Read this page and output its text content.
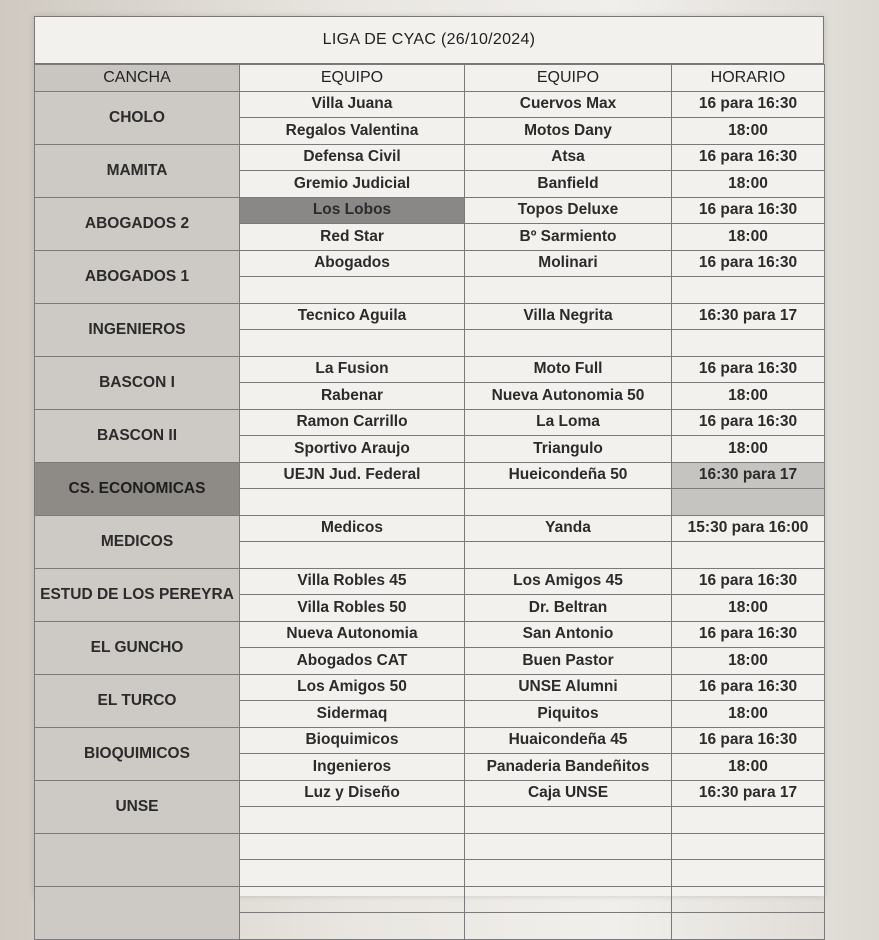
LIGA DE CYAC (26/10/2024)
CANCHA	EQUIPO	EQUIPO	HORARIO
CHOLO	Villa Juana	Cuervos Max	16 para 16:30
	Regalos Valentina	Motos Dany	18:00
MAMITA	Defensa Civil	Atsa	16 para 16:30
	Gremio Judicial	Banfield	18:00
ABOGADOS 2	Los Lobos	Topos Deluxe	16 para 16:30
	Red Star	Bº Sarmiento	18:00
ABOGADOS 1	Abogados	Molinari	16 para 16:30

INGENIEROS	Tecnico Aguila	Villa Negrita	16:30 para 17

BASCON I	La Fusion	Moto Full	16 para 16:30
	Rabenar	Nueva Autonomia 50	18:00
BASCON II	Ramon Carrillo	La Loma	16 para 16:30
	Sportivo Araujo	Triangulo	18:00
CS. ECONOMICAS	UEJN Jud. Federal	Hueicondeña 50	16:30 para 17

MEDICOS	Medicos	Yanda	15:30 para 16:00

ESTUD DE LOS PEREYRA	Villa Robles 45	Los Amigos 45	16 para 16:30
	Villa Robles 50	Dr. Beltran	18:00
EL GUNCHO	Nueva Autonomia	San Antonio	16 para 16:30
	Abogados CAT	Buen Pastor	18:00
EL TURCO	Los Amigos 50	UNSE Alumni	16 para 16:30
	Sidermaq	Piquitos	18:00
BIOQUIMICOS	Bioquimicos	Huaicondeña 45	16 para 16:30
	Ingenieros	Panaderia Bandeñitos	18:00
UNSE	Luz y Diseño	Caja UNSE	16:30 para 17
